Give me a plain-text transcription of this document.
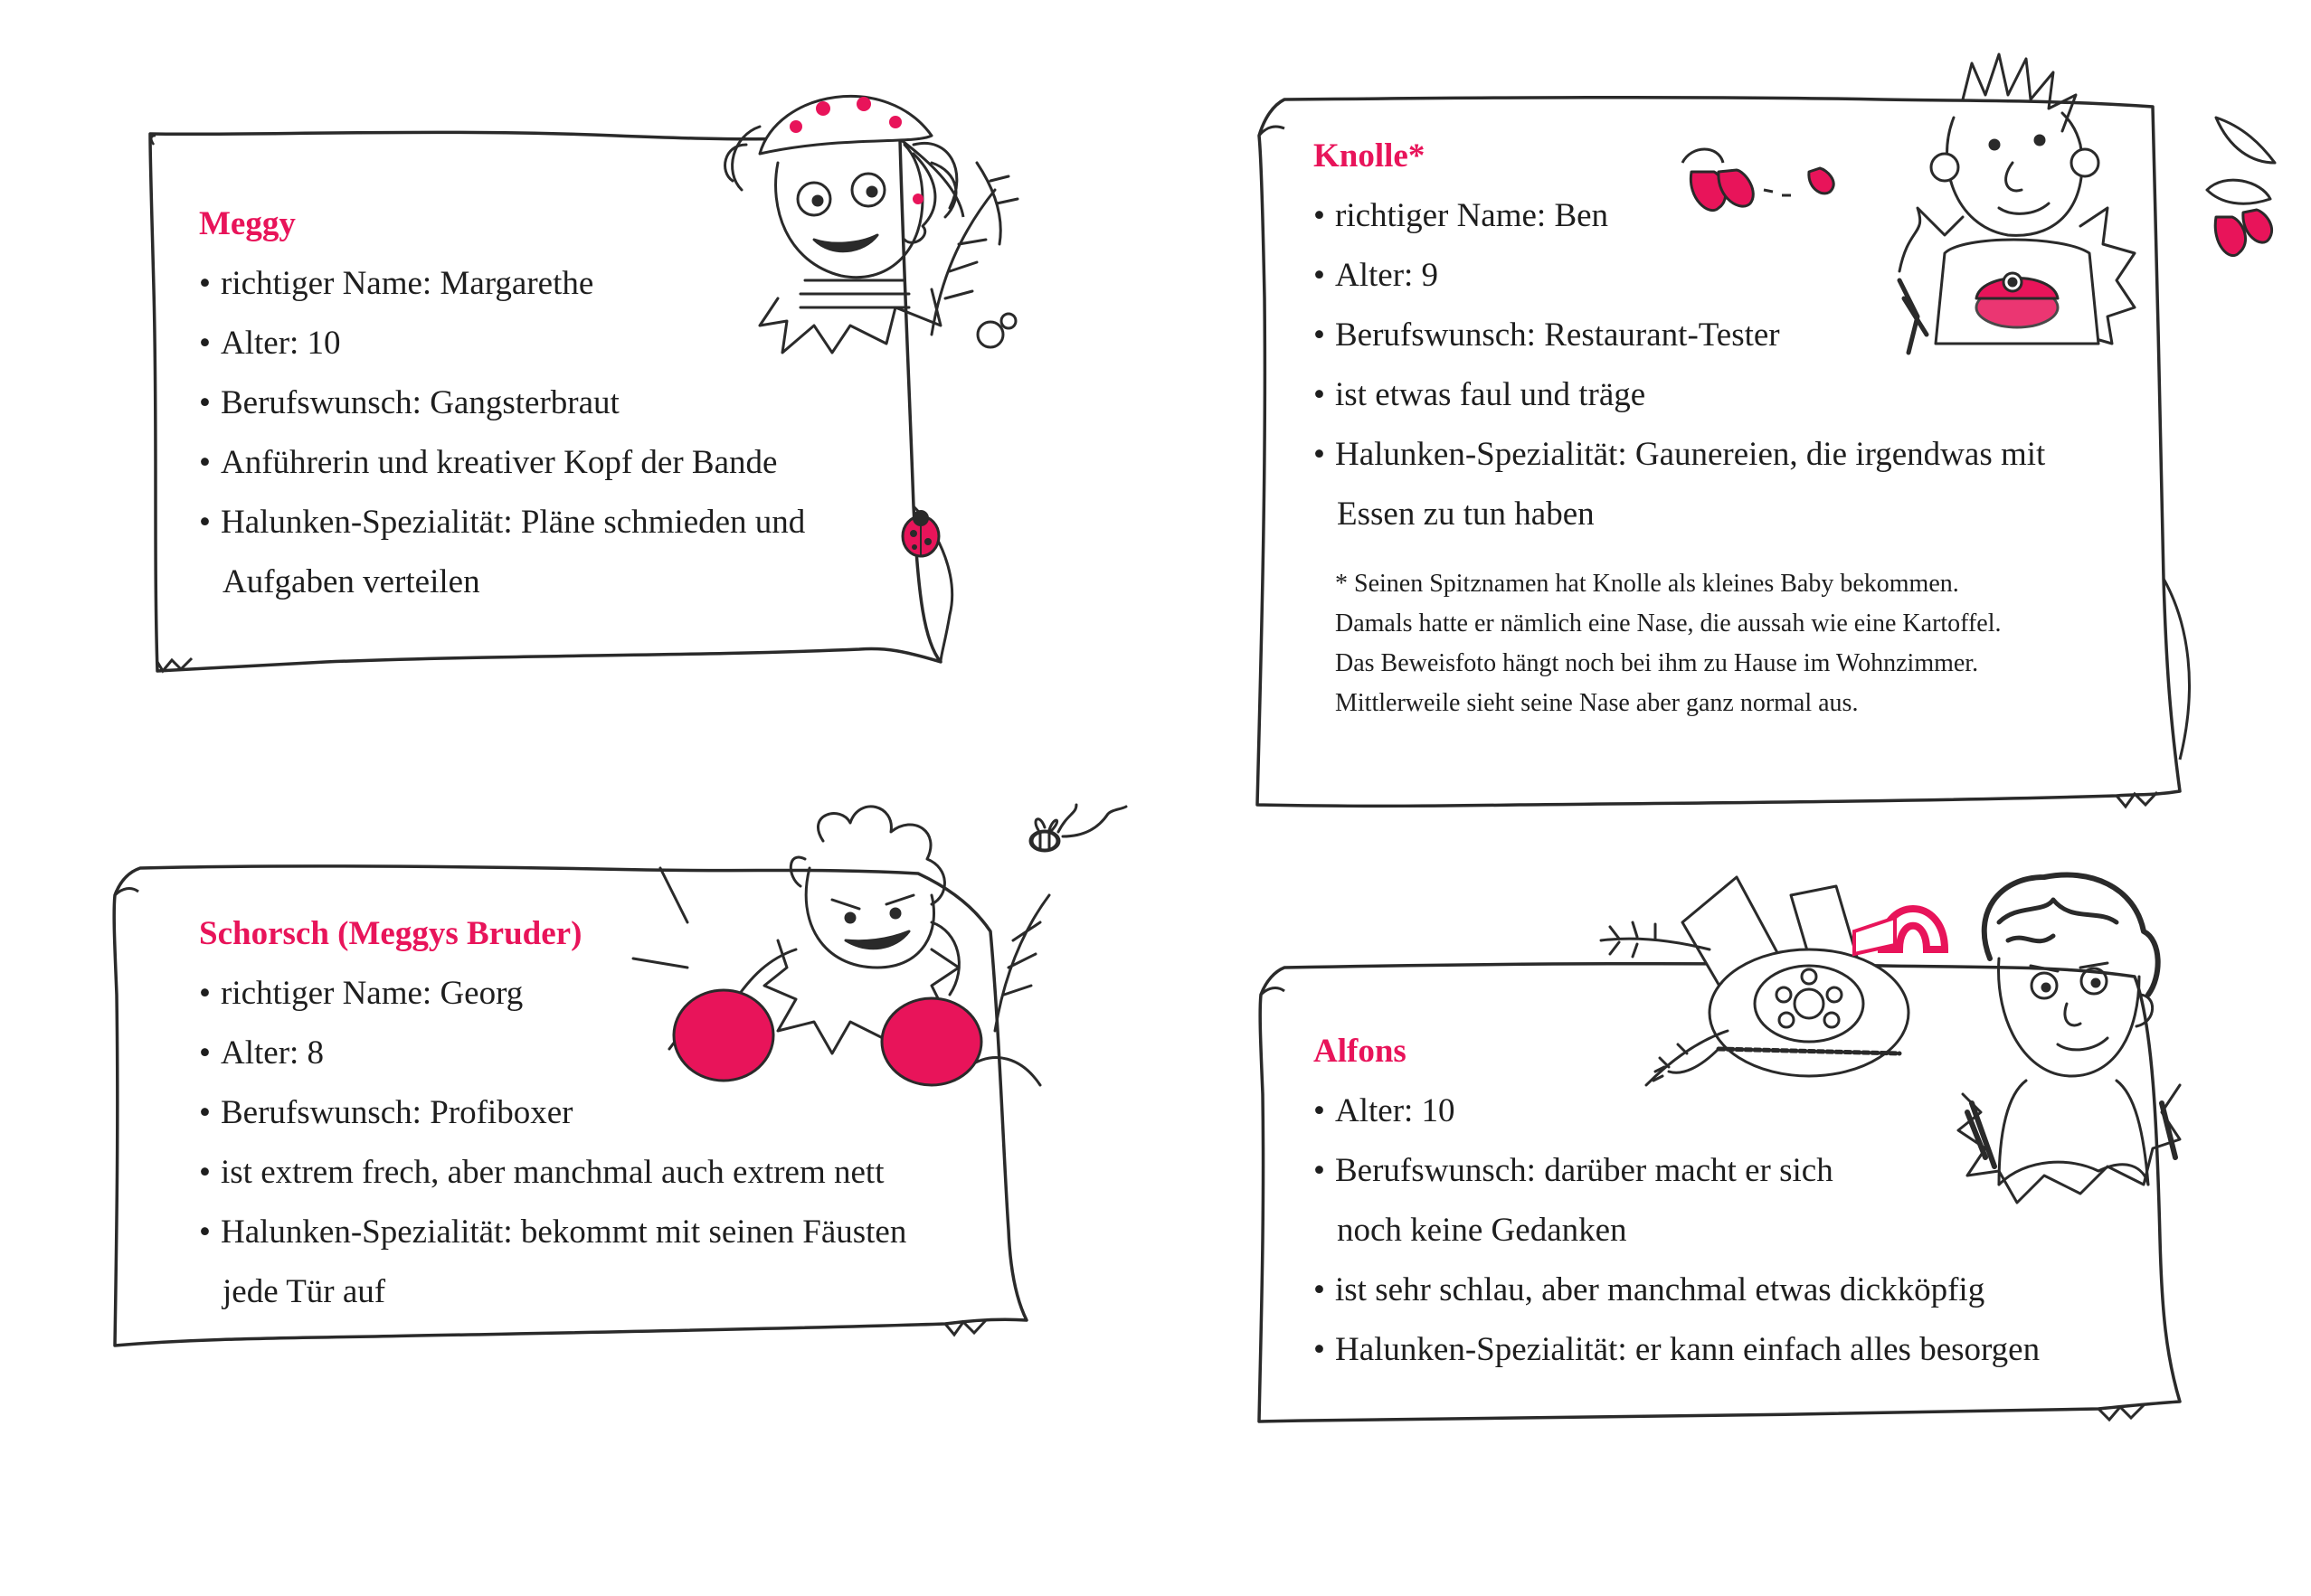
Meggy
• richtiger Name: Margarethe
• Alter: 10
• Berufswunsch: Gangsterbraut
• Anführerin und kreativer Kopf der Bande
• Halunken-Spezialität: Pläne schmieden und
Aufgaben verteilen
Knolle*
• richtiger Name: Ben
• Alter: 9
• Berufswunsch: Restaurant-Tester
• ist etwas faul und träge
• Halunken-Spezialität: Gaunereien, die irgendwas mit
Essen zu tun haben
* Seinen Spitznamen hat Knolle als kleines Baby bekommen.
Damals hatte er nämlich eine Nase, die aussah wie eine Kartoffel.
Das Beweisfoto hängt noch bei ihm zu Hause im Wohnzimmer.
Mittlerweile sieht seine Nase aber ganz normal aus.
Schorsch (Meggys Bruder)
• richtiger Name: Georg
• Alter: 8
• Berufswunsch: Profiboxer
• ist extrem frech, aber manchmal auch extrem nett
• Halunken-Spezialität: bekommt mit seinen Fäusten
jede Tür auf
Alfons
• Alter: 10
• Berufswunsch: darüber macht er sich
noch keine Gedanken
• ist sehr schlau, aber manchmal etwas dickköpfig
• Halunken-Spezialität: er kann einfach alles besorgen
